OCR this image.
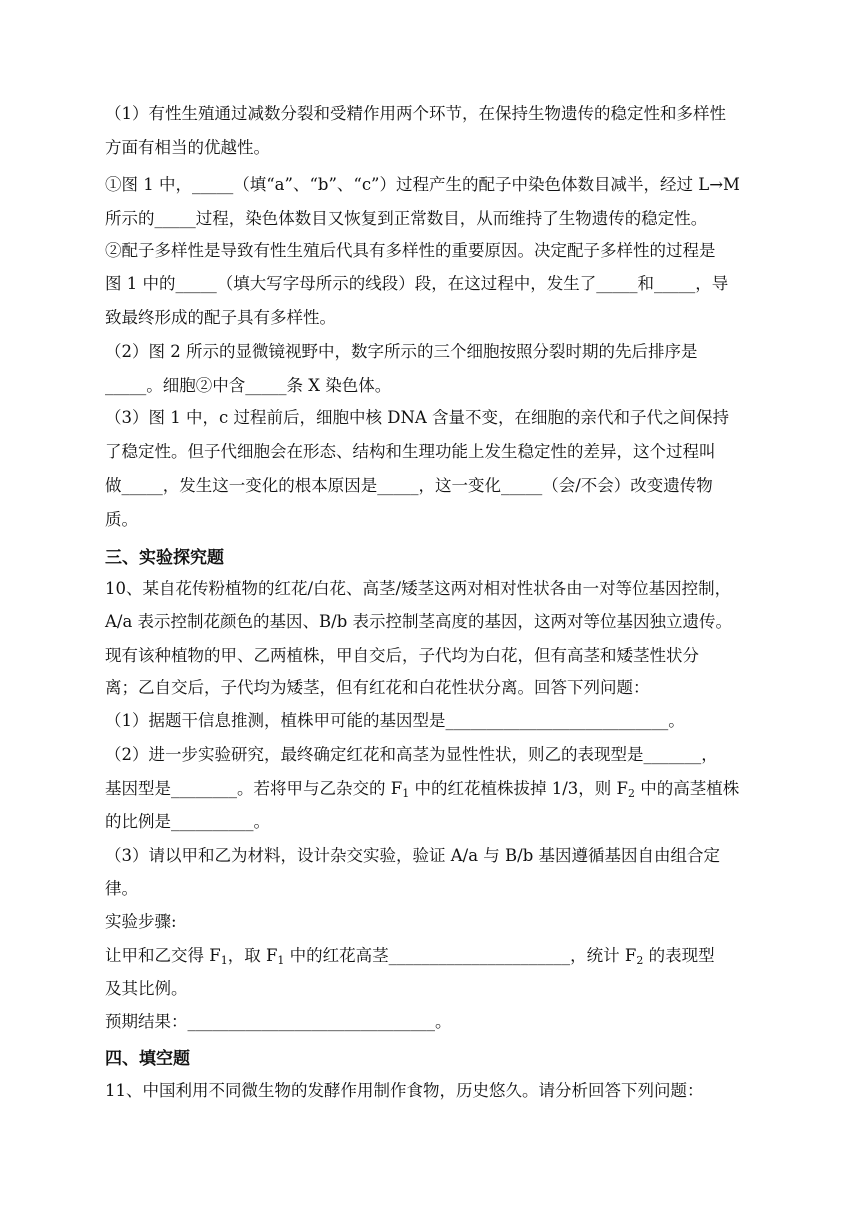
（1）有性生殖通过减数分裂和受精作用两个环节，在保持生物遗传的稳定性和多样性
方面有相当的优越性。
①图 1 中，_____（填“a”、“b”、“c”）过程产生的配子中染色体数目减半，经过 L→M
所示的_____过程，染色体数目又恢复到正常数目，从而维持了生物遗传的稳定性。
②配子多样性是导致有性生殖后代具有多样性的重要原因。决定配子多样性的过程是
图 1 中的_____（填大写字母所示的线段）段，在这过程中，发生了_____和_____，导
致最终形成的配子具有多样性。
（2）图 2 所示的显微镜视野中，数字所示的三个细胞按照分裂时期的先后排序是
_____。细胞②中含_____条 X 染色体。
（3）图 1 中，c 过程前后，细胞中核 DNA 含量不变，在细胞的亲代和子代之间保持
了稳定性。但子代细胞会在形态、结构和生理功能上发生稳定性的差异，这个过程叫
做_____，发生这一变化的根本原因是_____，这一变化_____（会/不会）改变遗传物
质。
三、实验探究题
10、某自花传粉植物的红花/白花、高茎/矮茎这两对相对性状各由一对等位基因控制，
A/a 表示控制花颜色的基因、B/b 表示控制茎高度的基因，这两对等位基因独立遗传。
现有该种植物的甲、乙两植株，甲自交后，子代均为白花，但有高茎和矮茎性状分
离；乙自交后，子代均为矮茎，但有红花和白花性状分离。回答下列问题：
（1）据题干信息推测，植株甲可能的基因型是___________________________。
（2）进一步实验研究，最终确定红花和高茎为显性性状，则乙的表现型是_______，
基因型是________。若将甲与乙杂交的 $F_1$ 中的红花植株拔掉 1/3，则 $F_2$ 中的高茎植株
的比例是__________。
（3）请以甲和乙为材料，设计杂交实验，验证 A/a 与 B/b 基因遵循基因自由组合定
律。
实验步骤:
让甲和乙交得 $F_1$，取 $F_1$ 中的红花高茎______________________，统计 $F_2$ 的表现型
及其比例。
预期结果：______________________________。
四、填空题
11、中国利用不同微生物的发酵作用制作食物，历史悠久。请分析回答下列问题：
